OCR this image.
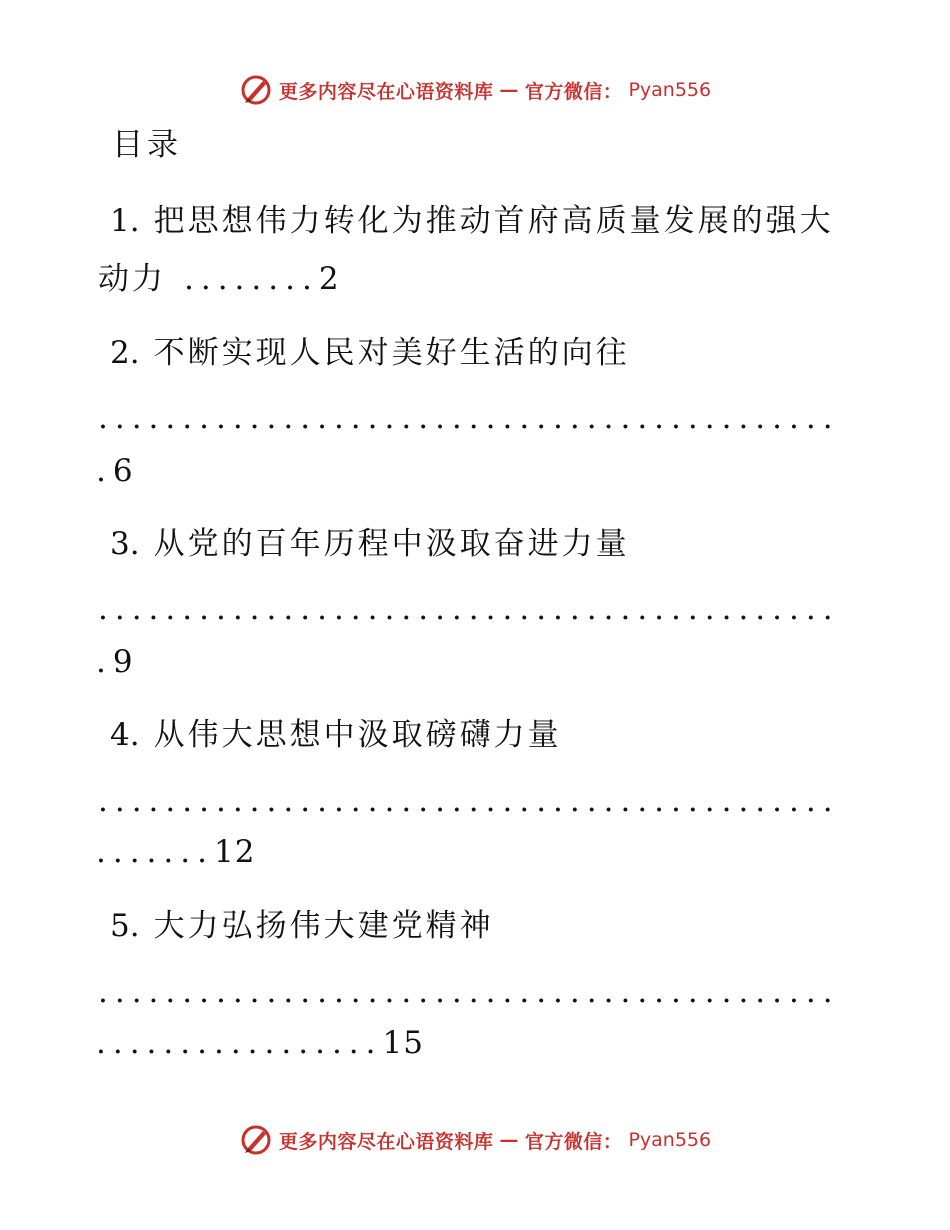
更多内容尽在心语资料库 — 官方微信： Pyan556
目录
1. 把思想伟力转化为推动首府高质量发展的强大
动力 ........2
2. 不断实现人民对美好生活的向往
............................................
.6
3. 从党的百年历程中汲取奋进力量
............................................
.9
4. 从伟大思想中汲取磅礴力量
............................................
.......12
5. 大力弘扬伟大建党精神
............................................
.................15
更多内容尽在心语资料库 — 官方微信： Pyan556
